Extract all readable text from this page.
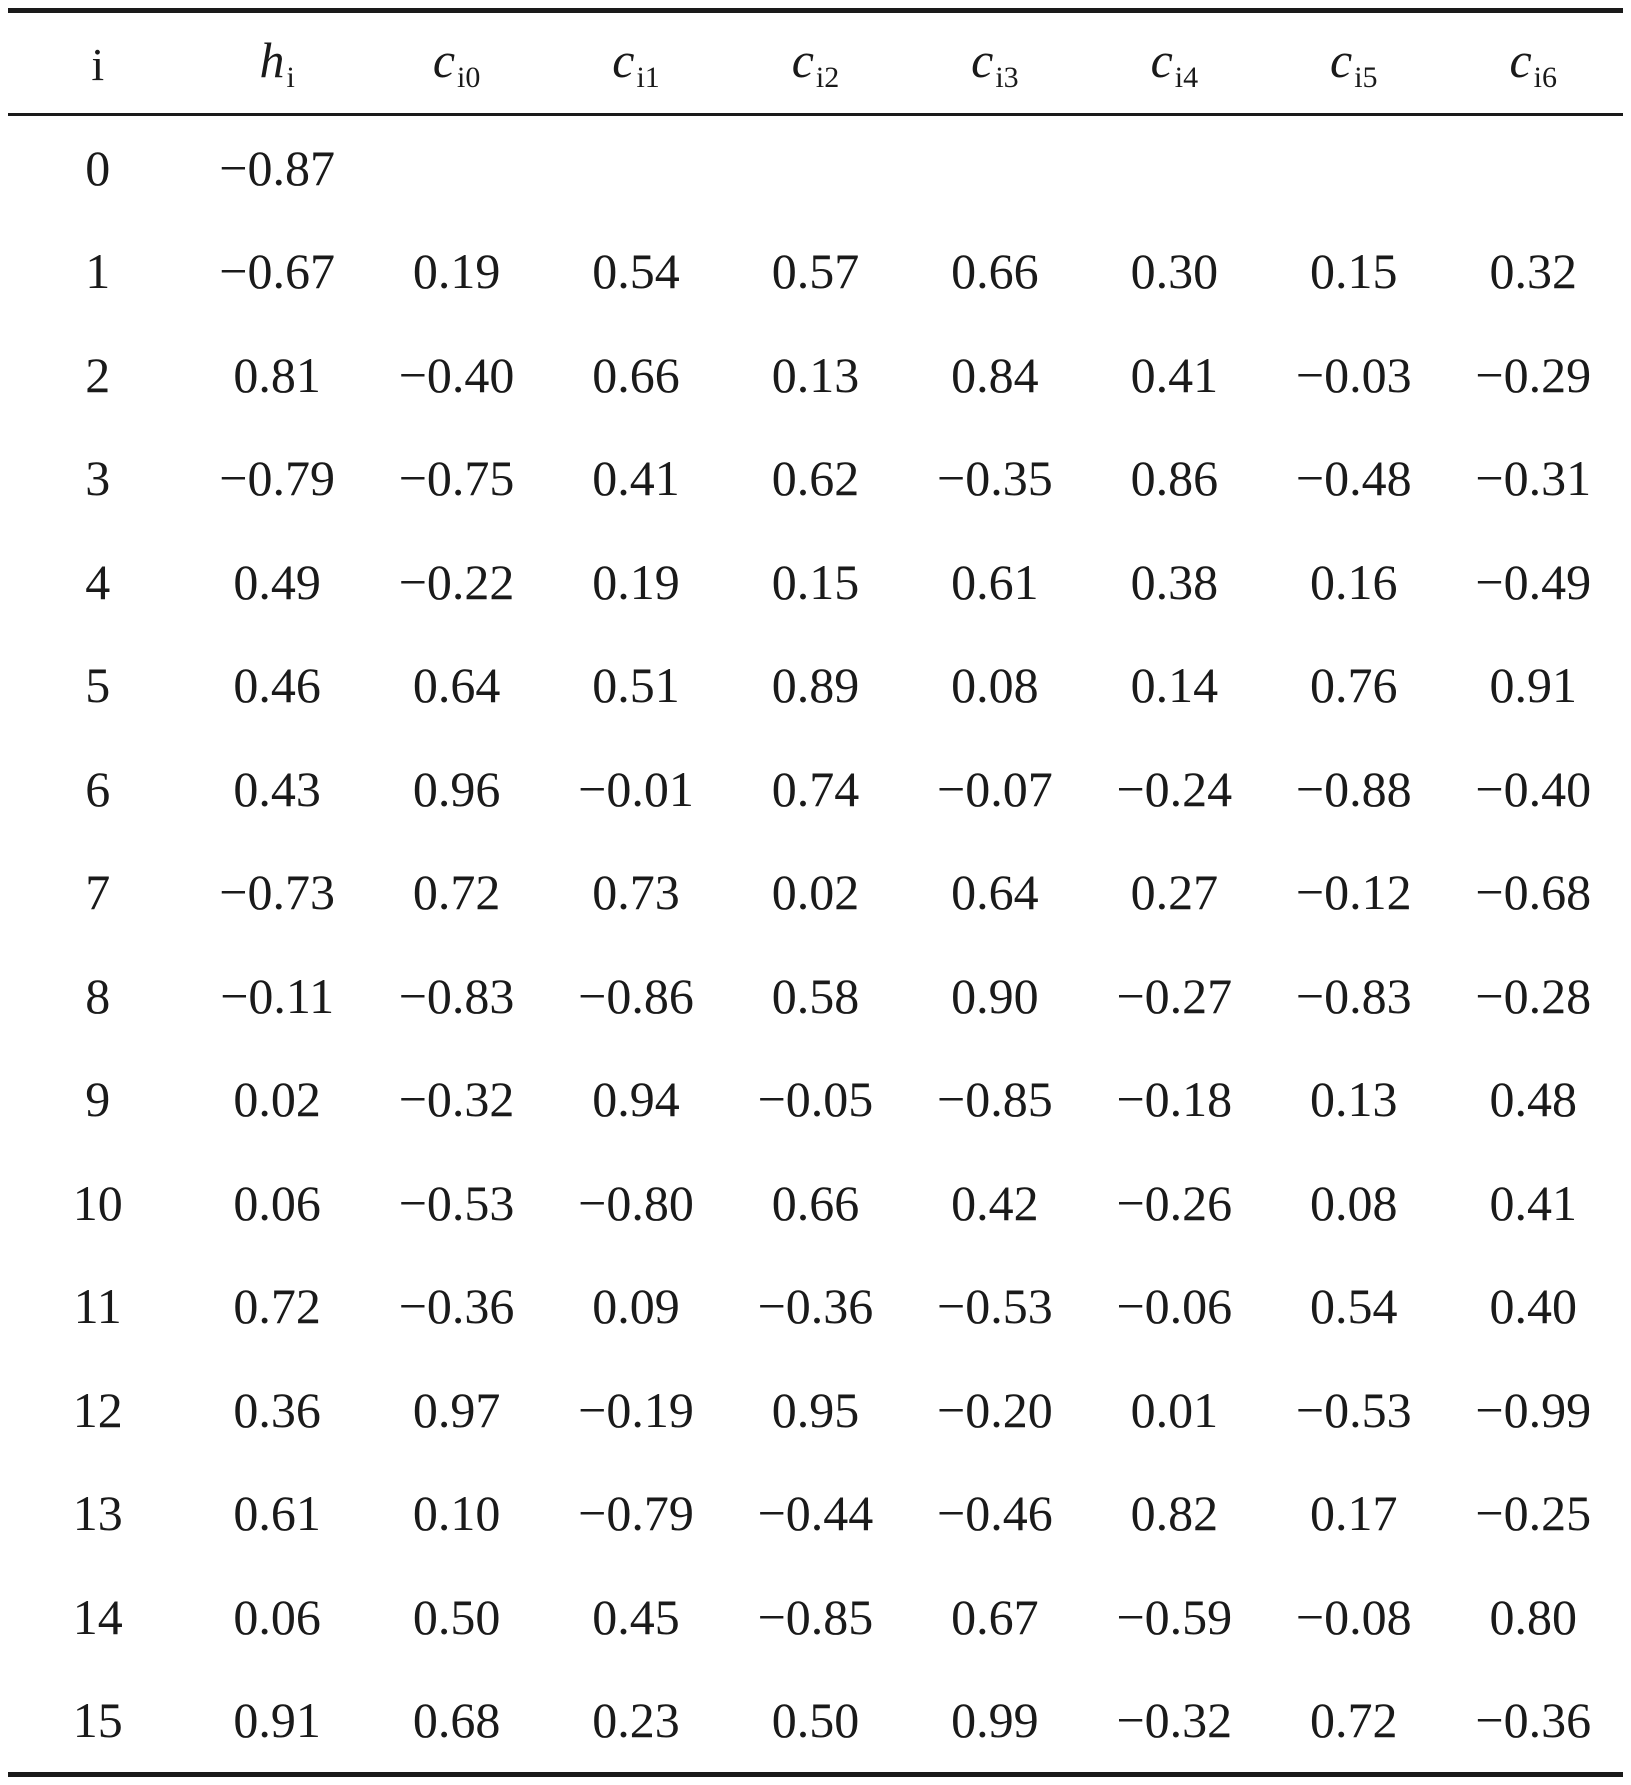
i	$h_i$	$c_{i0}$	$c_{i1}$	$c_{i2}$	$c_{i3}$	$c_{i4}$	$c_{i5}$	$c_{i6}$
0	−0.87							
1	−0.67	0.19	0.54	0.57	0.66	0.30	0.15	0.32
2	0.81	−0.40	0.66	0.13	0.84	0.41	−0.03	−0.29
3	−0.79	−0.75	0.41	0.62	−0.35	0.86	−0.48	−0.31
4	0.49	−0.22	0.19	0.15	0.61	0.38	0.16	−0.49
5	0.46	0.64	0.51	0.89	0.08	0.14	0.76	0.91
6	0.43	0.96	−0.01	0.74	−0.07	−0.24	−0.88	−0.40
7	−0.73	0.72	0.73	0.02	0.64	0.27	−0.12	−0.68
8	−0.11	−0.83	−0.86	0.58	0.90	−0.27	−0.83	−0.28
9	0.02	−0.32	0.94	−0.05	−0.85	−0.18	0.13	0.48
10	0.06	−0.53	−0.80	0.66	0.42	−0.26	0.08	0.41
11	0.72	−0.36	0.09	−0.36	−0.53	−0.06	0.54	0.40
12	0.36	0.97	−0.19	0.95	−0.20	0.01	−0.53	−0.99
13	0.61	0.10	−0.79	−0.44	−0.46	0.82	0.17	−0.25
14	0.06	0.50	0.45	−0.85	0.67	−0.59	−0.08	0.80
15	0.91	0.68	0.23	0.50	0.99	−0.32	0.72	−0.36
